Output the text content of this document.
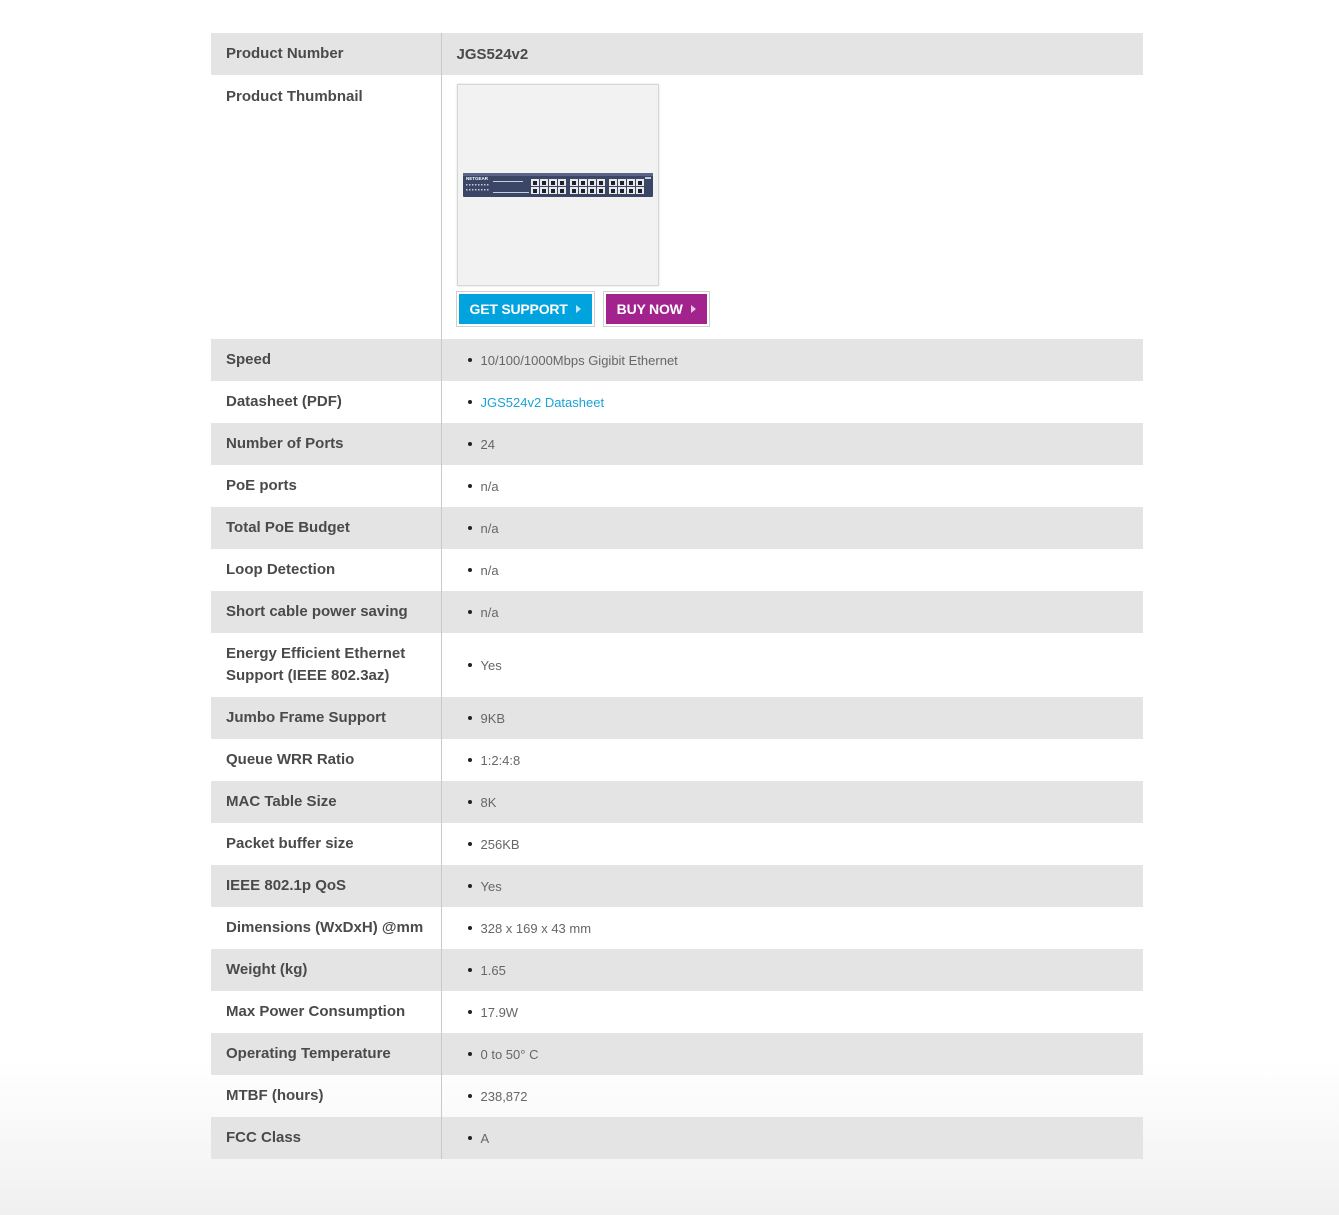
Product Number	JGS524v2
Product Thumbnail	NETGEAR
GET SUPPORT BUY NOW

Speed	10/100/1000Mbps Gigibit Ethernet

Datasheet (PDF)	JGS524v2 Datasheet

Number of Ports	24

PoE ports	n/a

Total PoE Budget	n/a

Loop Detection	n/a

Short cable power saving	n/a

Energy Efficient Ethernet Support (IEEE 802.3az)	Yes

Jumbo Frame Support	9KB

Queue WRR Ratio	1:2:4:8

MAC Table Size	8K

Packet buffer size	256KB

IEEE 802.1p QoS	Yes

Dimensions (WxDxH) @mm	328 x 169 x 43 mm

Weight (kg)	1.65

Max Power Consumption	17.9W

Operating Temperature	0 to 50° C

MTBF (hours)	238,872

FCC Class	A
